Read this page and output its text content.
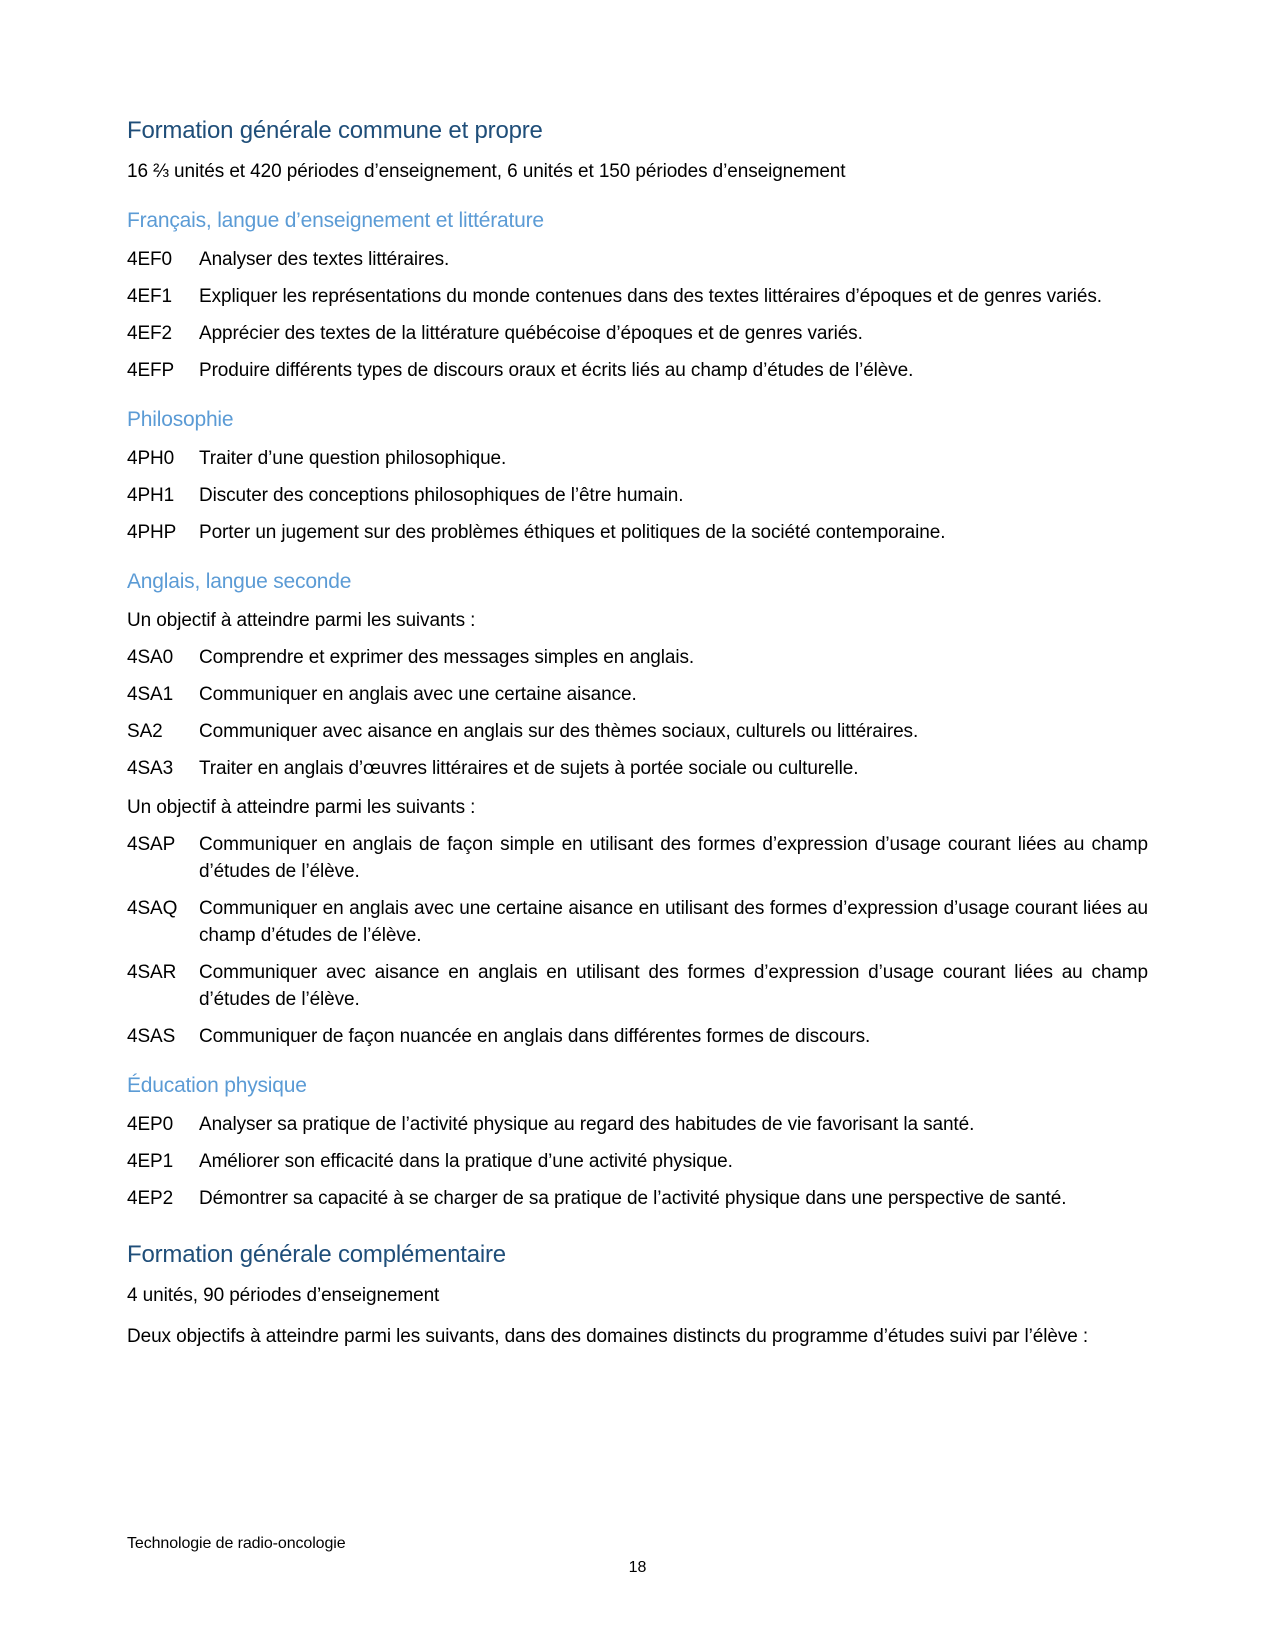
Formation générale commune et propre

16 ⅔ unités et 420 périodes d’enseignement, 6 unités et 150 périodes d’enseignement

Français, langue d’enseignement et littérature
4EF0	Analyser des textes littéraires.
4EF1	Expliquer les représentations du monde contenues dans des textes littéraires d’époques et de genres variés.
4EF2	Apprécier des textes de la littérature québécoise d’époques et de genres variés.
4EFP	Produire différents types de discours oraux et écrits liés au champ d’études de l’élève.
Philosophie
4PH0	Traiter d’une question philosophique.
4PH1	Discuter des conceptions philosophiques de l’être humain.
4PHP	Porter un jugement sur des problèmes éthiques et politiques de la société contemporaine.
Anglais, langue seconde

Un objectif à atteindre parmi les suivants :

4SA0	Comprendre et exprimer des messages simples en anglais.
4SA1	Communiquer en anglais avec une certaine aisance.
SA2	Communiquer avec aisance en anglais sur des thèmes sociaux, culturels ou littéraires.
4SA3	Traiter en anglais d’œuvres littéraires et de sujets à portée sociale ou culturelle.

Un objectif à atteindre parmi les suivants :

4SAP	Communiquer en anglais de façon simple en utilisant des formes d’expression d’usage courant liées au champ d’études de l’élève.
4SAQ	Communiquer en anglais avec une certaine aisance en utilisant des formes d’expression d’usage courant liées au champ d’études de l’élève.
4SAR	Communiquer avec aisance en anglais en utilisant des formes d’expression d’usage courant liées au champ d’études de l’élève.
4SAS	Communiquer de façon nuancée en anglais dans différentes formes de discours.
Éducation physique
4EP0	Analyser sa pratique de l’activité physique au regard des habitudes de vie favorisant la santé.
4EP1	Améliorer son efficacité dans la pratique d’une activité physique.
4EP2	Démontrer sa capacité à se charger de sa pratique de l’activité physique dans une perspective de santé.
Formation générale complémentaire

4 unités, 90 périodes d’enseignement

Deux objectifs à atteindre parmi les suivants, dans des domaines distincts du programme d’études suivi par l’élève :

Technologie de radio-oncologie
18
